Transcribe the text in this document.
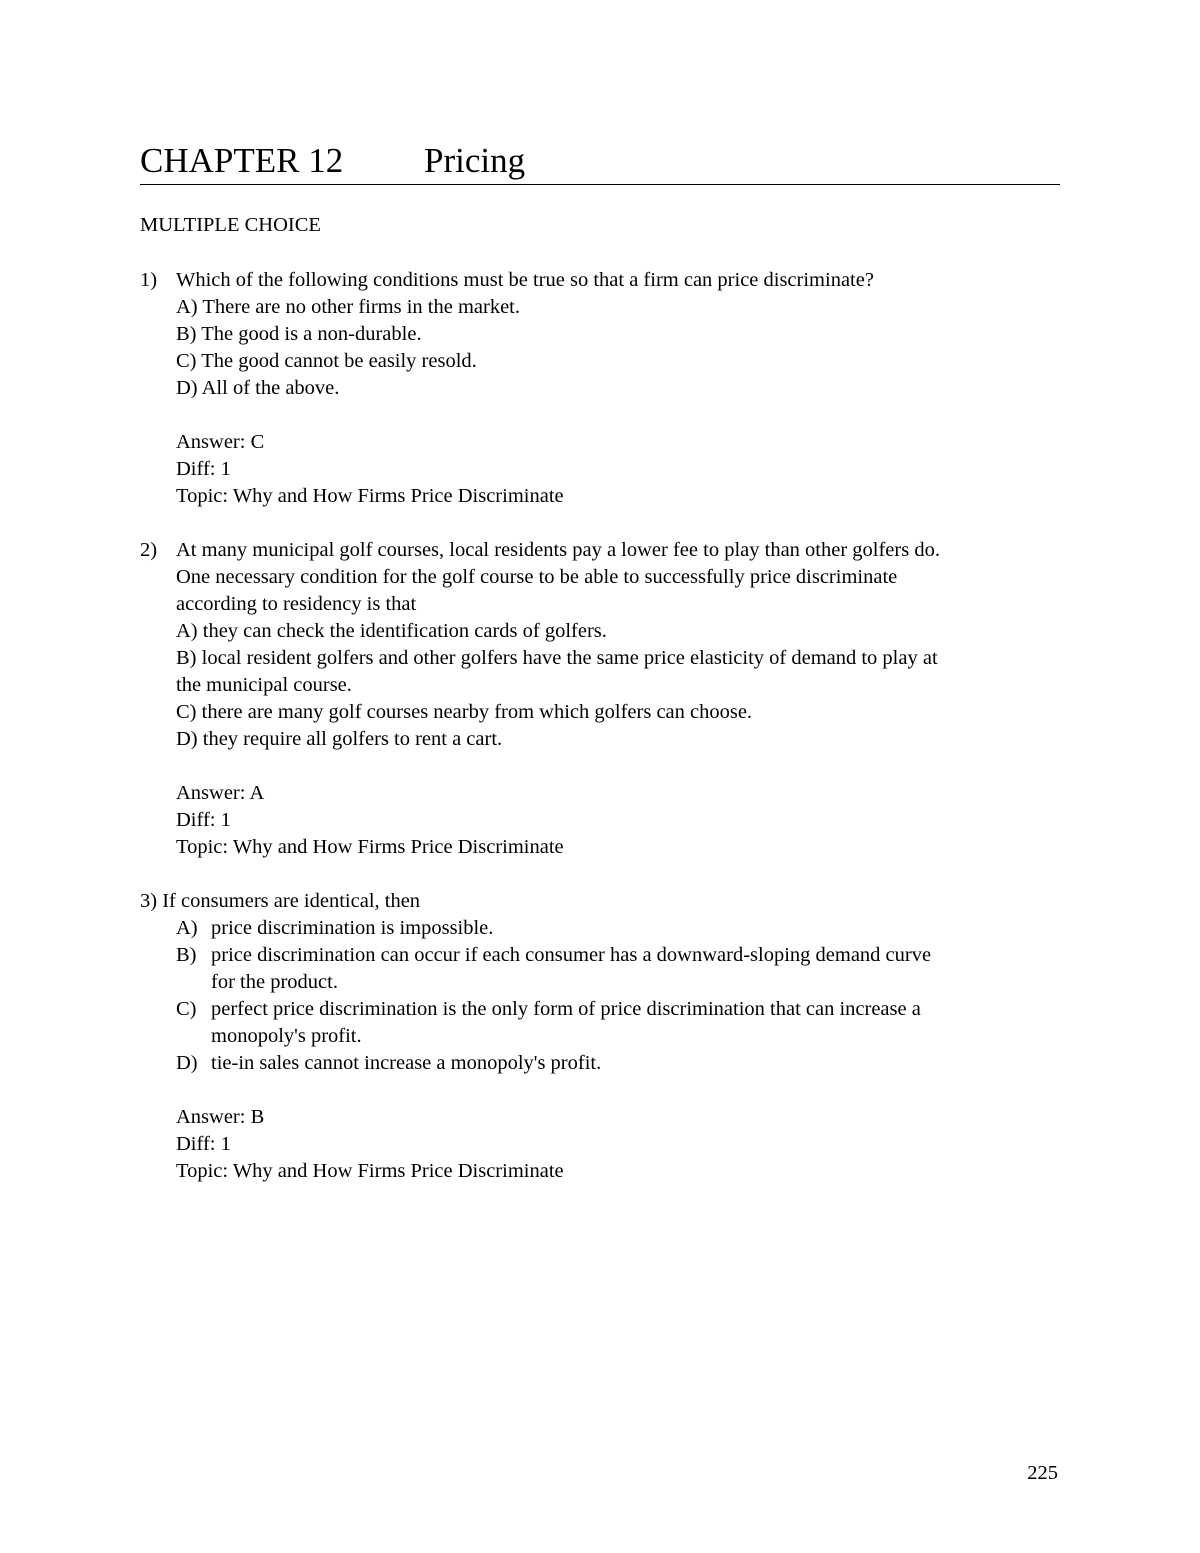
CHAPTER 12 Pricing
MULTIPLE CHOICE
1) Which of the following conditions must be true so that a firm can price discriminate?
A) There are no other firms in the market.
B) The good is a non-durable.
C) The good cannot be easily resold.
D) All of the above.
Answer: C
Diff: 1
Topic: Why and How Firms Price Discriminate
2) At many municipal golf courses, local residents pay a lower fee to play than other golfers do.
One necessary condition for the golf course to be able to successfully price discriminate
according to residency is that
A) they can check the identification cards of golfers.
B) local resident golfers and other golfers have the same price elasticity of demand to play at
the municipal course.
C) there are many golf courses nearby from which golfers can choose.
D) they require all golfers to rent a cart.
Answer: A
Diff: 1
Topic: Why and How Firms Price Discriminate
3) If consumers are identical, then
A) price discrimination is impossible.
B) price discrimination can occur if each consumer has a downward-sloping demand curve
for the product.
C) perfect price discrimination is the only form of price discrimination that can increase a
monopoly's profit.
D) tie-in sales cannot increase a monopoly's profit.
Answer: B
Diff: 1
Topic: Why and How Firms Price Discriminate
225
